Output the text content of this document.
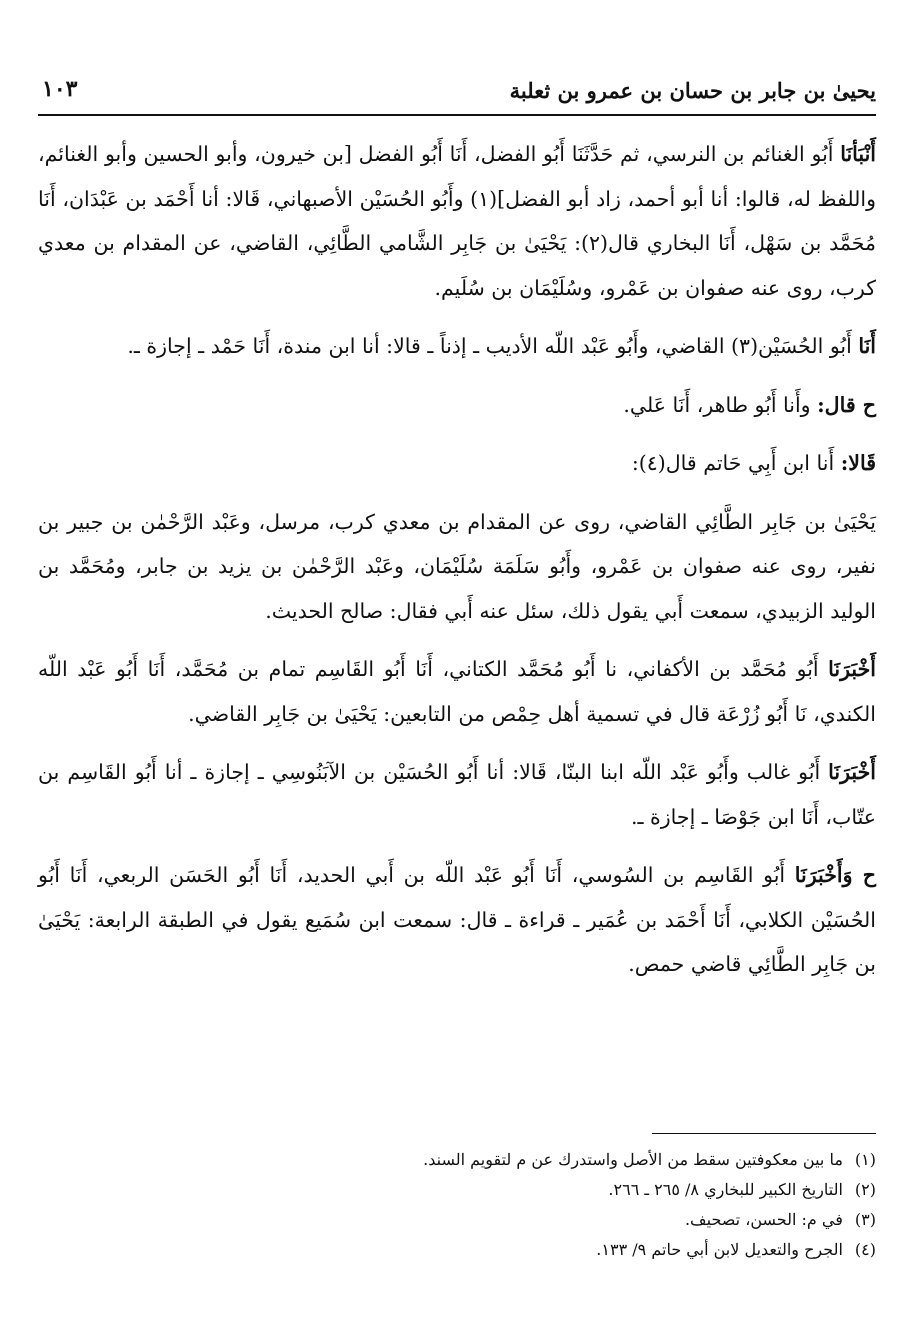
يحيىٰ بن جابر بن حسان بن عمرو بن ثعلبة
١٠٣

أَنْبَأنَا أَبُو الغنائم بن النرسي، ثم حَدَّثَنَا أَبُو الفضل، أَنَا أَبُو الفضل [بن خيرون، وأبو الحسين وأبو الغنائم، واللفظ له، قالوا: أنا أبو أحمد، زاد أبو الفضل](١) وأَبُو الحُسَيْن الأصبهاني، قَالا: أنا أَحْمَد بن عَبْدَان، أَنَا مُحَمَّد بن سَهْل، أَنَا البخاري قال(٢): يَحْيَىٰ بن جَابِر الشَّامي الطَّائِي، القاضي، عن المقدام بن معدي كرب، روى عنه صفوان بن عَمْرو، وسُلَيْمَان بن سُلَيم.

أَنَا أَبُو الحُسَيْن(٣) القاضي، وأَبُو عَبْد اللّه الأديب ـ إذناً ـ قالا: أنا ابن مندة، أَنَا حَمْد ـ إجازة ـ.

ح قال: وأَنا أَبُو طاهر، أَنَا عَلي.

قَالا: أَنا ابن أَبِي حَاتم قال(٤):

يَحْيَىٰ بن جَابِر الطَّائِي القاضي، روى عن المقدام بن معدي كرب، مرسل، وعَبْد الرَّحْمٰن بن جبير بن نفير، روى عنه صفوان بن عَمْرو، وأَبُو سَلَمَة سُلَيْمَان، وعَبْد الرَّحْمٰن بن يزيد بن جابر، ومُحَمَّد بن الوليد الزبيدي، سمعت أَبي يقول ذلك، سئل عنه أَبي فقال: صالح الحديث.

أَخْبَرَنَا أَبُو مُحَمَّد بن الأكفاني، نا أَبُو مُحَمَّد الكتاني، أَنَا أَبُو القَاسِم تمام بن مُحَمَّد، أَنَا أَبُو عَبْد اللّه الكندي، نَا أَبُو زُرْعَة قال في تسمية أهل حِمْص من التابعين: يَحْيَىٰ بن جَابِر القاضي.

أَخْبَرَنَا أَبُو غالب وأَبُو عَبْد اللّه ابنا البنّا، قَالا: أنا أَبُو الحُسَيْن بن الآبَنُوسِي ـ إجازة ـ أنا أَبُو القَاسِم بن عتّاب، أَنَا ابن جَوْصَا ـ إجازة ـ.

ح وَأَخْبَرَنَا أَبُو القَاسِم بن السُوسي، أَنَا أَبُو عَبْد اللّه بن أَبي الحديد، أَنَا أَبُو الحَسَن الربعي، أَنَا أَبُو الحُسَيْن الكلابي، أَنَا أَحْمَد بن عُمَير ـ قراءة ـ قال: سمعت ابن سُمَيع يقول في الطبقة الرابعة: يَحْيَىٰ بن جَابِر الطَّائِي قاضي حمص.

(١)ما بين معكوفتين سقط من الأصل واستدرك عن م لتقويم السند.
(٢)التاريخ الكبير للبخاري ٨/ ٢٦٥ ـ ٢٦٦.
(٣)في م: الحسن، تصحيف.
(٤)الجرح والتعديل لابن أبي حاتم ٩/ ١٣٣.
